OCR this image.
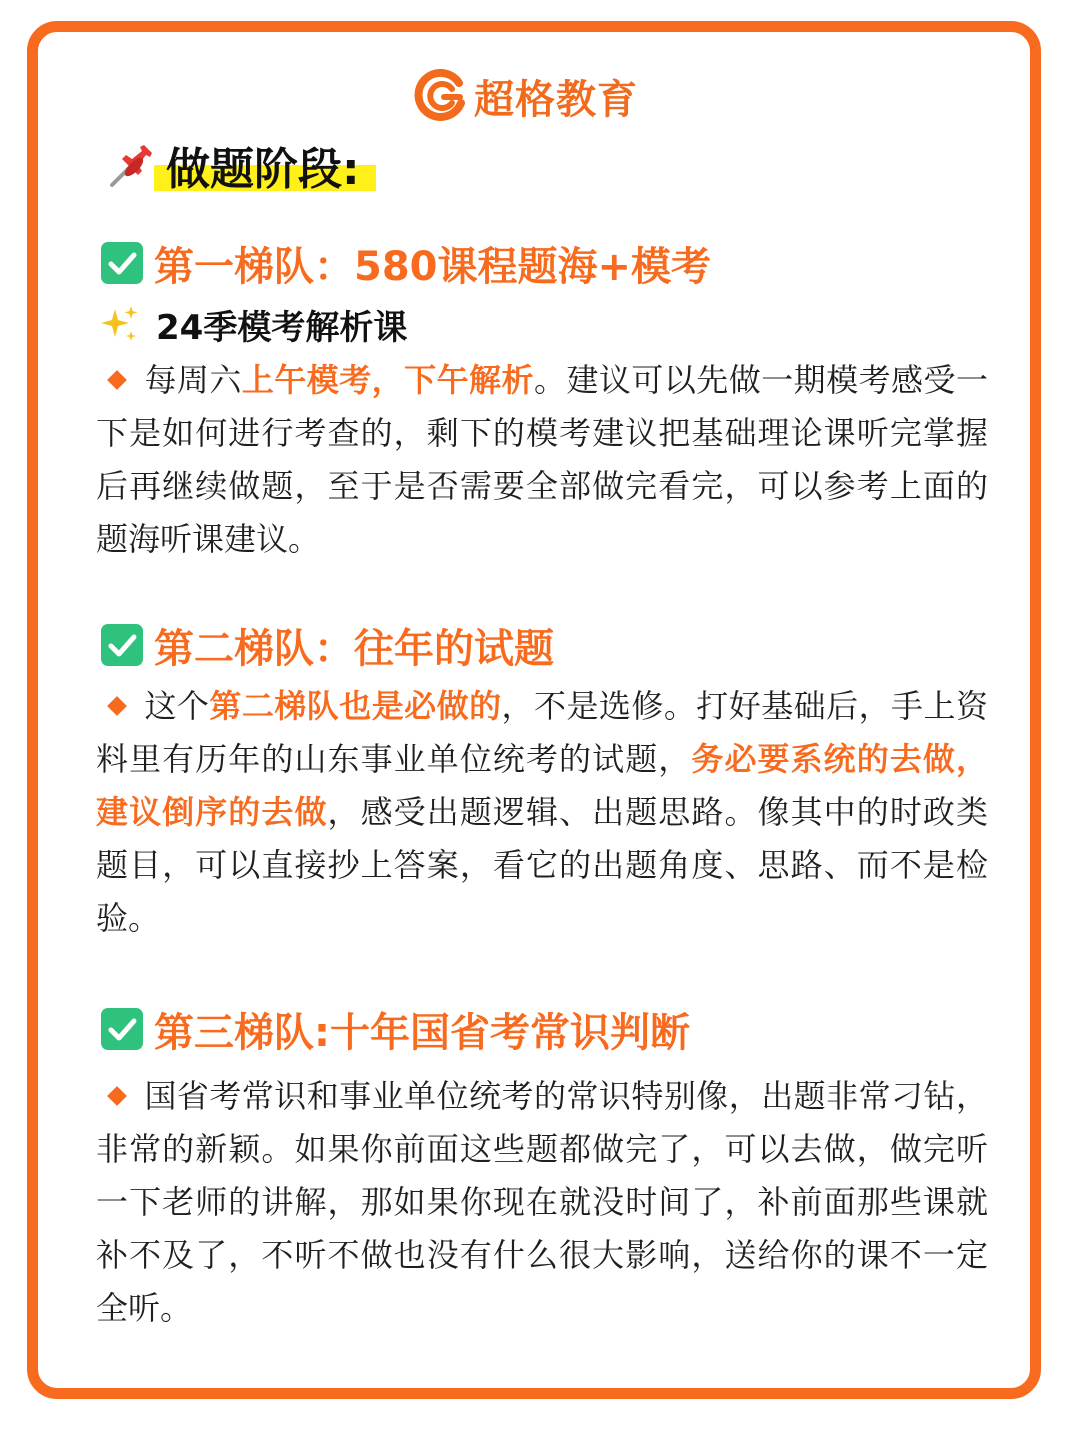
超格教育
做题阶段:
第一梯队：580课程题海+模考
24季模考解析课

每周六上午模考，下午解析。建议可以先做一期模考感受一下是如何进行考查的，剩下的模考建议把基础理论课听完掌握后再继续做题，至于是否需要全部做完看完，可以参考上面的题海听课建议。

第二梯队：往年的试题

这个第二梯队也是必做的，不是选修。打好基础后，手上资料里有历年的山东事业单位统考的试题，务必要系统的去做，建议倒序的去做，感受出题逻辑、出题思路。像其中的时政类题目，可以直接抄上答案，看它的出题角度、思路、而不是检验。

第三梯队:十年国省考常识判断

国省考常识和事业单位统考的常识特别像，出题非常刁钻，非常的新颖。如果你前面这些题都做完了，可以去做，做完听一下老师的讲解，那如果你现在就没时间了，补前面那些课就补不及了，不听不做也没有什么很大影响，送给你的课不一定全听。
